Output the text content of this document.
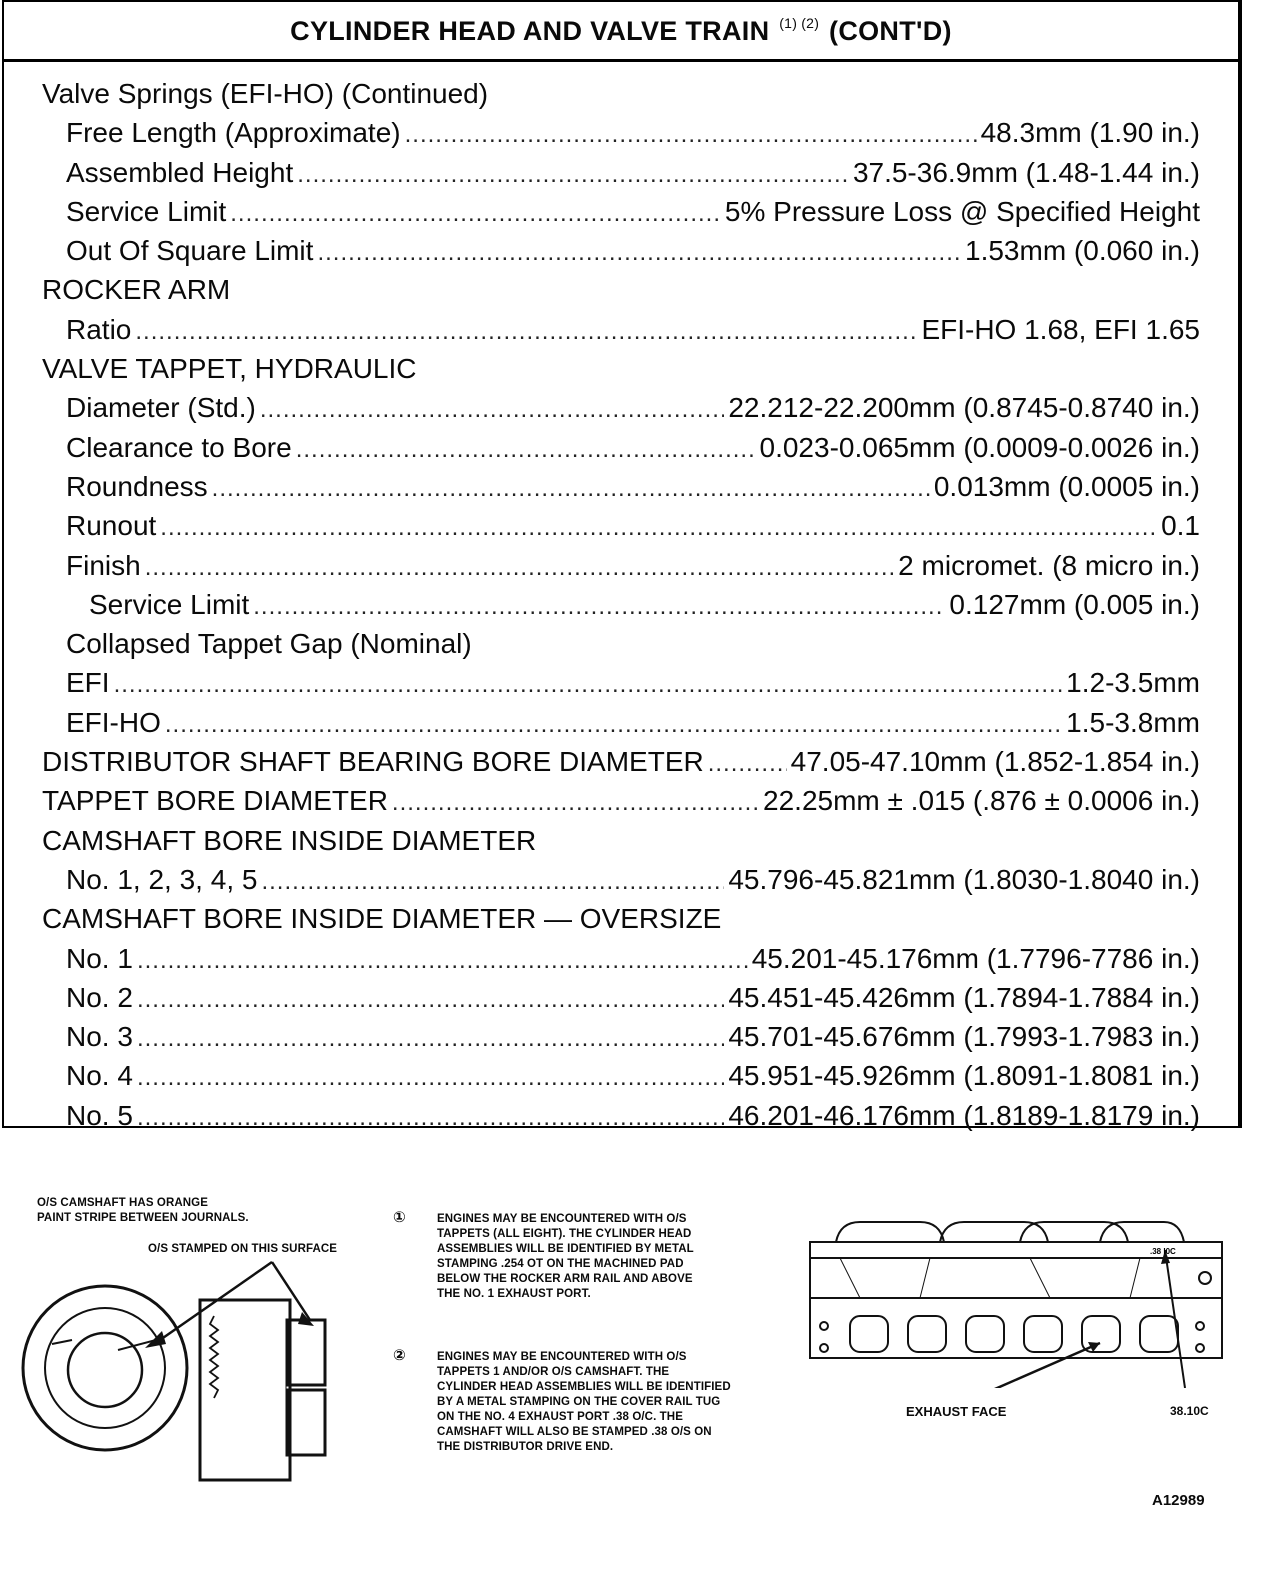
CYLINDER HEAD AND VALVE TRAIN $^{(1)}$ $^{(2)}$ (CONT'D)
Valve Springs (EFI-HO) (Continued)
Free Length (Approximate) .....	48.3mm (1.90 in.)
Assembled Height .....	37.5-36.9mm (1.48-1.44 in.)
Service Limit .....	5% Pressure Loss @ Specified Height
Out Of Square Limit .....	1.53mm (0.060 in.)
ROCKER ARM
Ratio .....	EFI-HO 1.68, EFI 1.65
VALVE TAPPET, HYDRAULIC
Diameter (Std.) .....	22.212-22.200mm (0.8745-0.8740 in.)
Clearance to Bore .....	0.023-0.065mm (0.0009-0.0026 in.)
Roundness .....	0.013mm (0.0005 in.)
Runout .....	0.1
Finish .....	2 micromet. (8 micro in.)
Service Limit .....	0.127mm (0.005 in.)
Collapsed Tappet Gap (Nominal)
EFI .....	1.2-3.5mm
EFI-HO .....	1.5-3.8mm
DISTRIBUTOR SHAFT BEARING BORE DIAMETER .....	47.05-47.10mm (1.852-1.854 in.)
TAPPET BORE DIAMETER .....	22.25mm ± .015 (.876 ± 0.0006 in.)
CAMSHAFT BORE INSIDE DIAMETER
No. 1, 2, 3, 4, 5 .....	45.796-45.821mm (1.8030-1.8040 in.)
CAMSHAFT BORE INSIDE DIAMETER — OVERSIZE
No. 1 .....	45.201-45.176mm (1.7796-7786 in.)
No. 2 .....	45.451-45.426mm (1.7894-1.7884 in.)
No. 3 .....	45.701-45.676mm (1.7993-1.7983 in.)
No. 4 .....	45.951-45.926mm (1.8091-1.8081 in.)
No. 5 .....	46.201-46.176mm (1.8189-1.8179 in.)
O/S CAMSHAFT HAS ORANGE
PAINT STRIPE BETWEEN JOURNALS.
O/S STAMPED ON THIS SURFACE
①	ENGINES MAY BE ENCOUNTERED WITH O/S
TAPPETS (ALL EIGHT). THE CYLINDER HEAD
ASSEMBLIES WILL BE IDENTIFIED BY METAL
STAMPING .254 OT ON THE MACHINED PAD
BELOW THE ROCKER ARM RAIL AND ABOVE
THE NO. 1 EXHAUST PORT.
②	ENGINES MAY BE ENCOUNTERED WITH O/S
TAPPETS 1 AND/OR O/S CAMSHAFT. THE
CYLINDER HEAD ASSEMBLIES WILL BE IDENTIFIED
BY A METAL STAMPING ON THE COVER RAIL TUG
ON THE NO. 4 EXHAUST PORT .38 O/C. THE
CAMSHAFT WILL ALSO BE STAMPED .38 O/S ON
THE DISTRIBUTOR DRIVE END.
.38 I0C
EXHAUST FACE	38.10C
A12989
